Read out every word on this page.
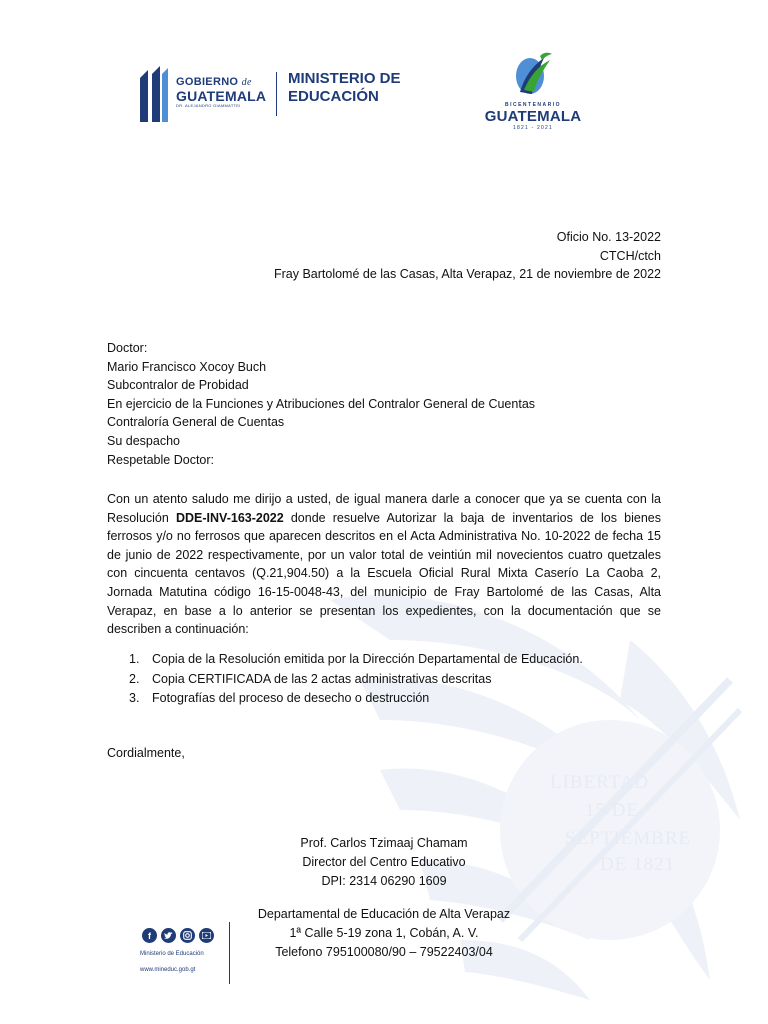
LIBERTAD
15 DE
SEPTIEMBRE
DE 1821
GOBIERNO de
GUATEMALA
DR. ALEJANDRO GIAMMATTEI
MINISTERIO DE
EDUCACIÓN	BICENTENARIO
GUATEMALA
1821 - 2021
Oficio No. 13-2022
CTCH/ctch
Fray Bartolomé de las Casas, Alta Verapaz, 21 de noviembre de 2022
Doctor:
Mario Francisco Xocoy Buch
Subcontralor de Probidad
En ejercicio de la Funciones y Atribuciones del Contralor General de Cuentas
Contraloría General de Cuentas
Su despacho
Respetable Doctor:

Con un atento saludo me dirijo a usted, de igual manera darle a conocer que ya se cuenta con la Resolución DDE-INV-163-2022 donde resuelve Autorizar la baja de inventarios de los bienes ferrosos y/o no ferrosos que aparecen descritos en el Acta Administrativa No. 10-2022 de fecha 15 de junio de 2022 respectivamente, por un valor total de veintiún mil novecientos cuatro quetzales con cincuenta centavos (Q.21,904.50) a la Escuela Oficial Rural Mixta Caserío La Caoba 2, Jornada Matutina código 16-15-0048-43, del municipio de Fray Bartolomé de las Casas, Alta Verapaz, en base a lo anterior se presentan los expedientes, con la documentación que se describen a continuación:

1. Copia de la Resolución emitida por la Dirección Departamental de Educación.
2. Copia CERTIFICADA de las 2 actas administrativas descritas
3. Fotografías del proceso de desecho o destrucción
Cordialmente,
Prof. Carlos Tzimaaj Chamam
Director del Centro Educativo
DPI: 2314 06290 1609
Departamental de Educación de Alta Verapaz
1ª Calle 5-19 zona 1, Cobán, A. V.
Telefono 795100080/90 – 79522403/04
f
Ministerio de Educación
www.mineduc.gob.gt
